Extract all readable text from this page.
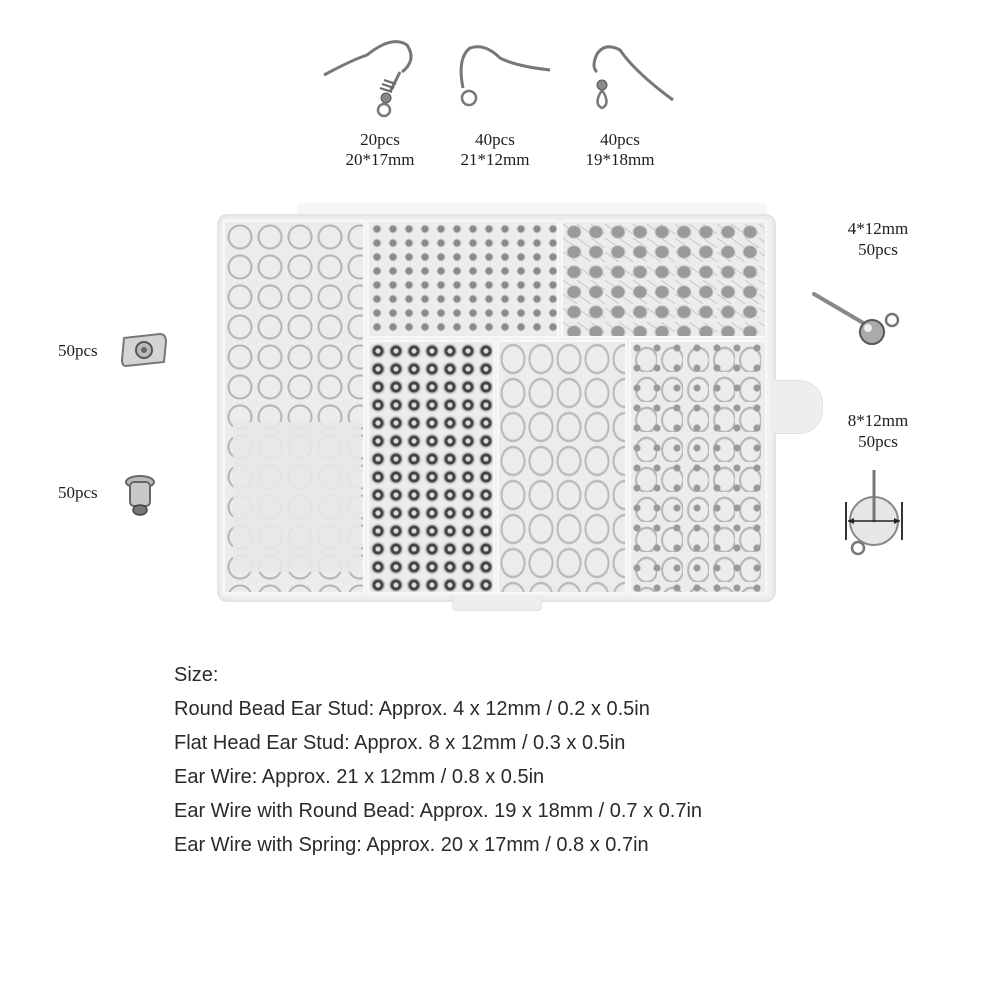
20pcs
20*17mm
40pcs
21*12mm
40pcs
19*18mm
50pcs
50pcs
4*12mm
50pcs
8*12mm
50pcs
Size:
Round Bead Ear Stud: Approx. 4 x 12mm / 0.2 x 0.5in
Flat Head Ear Stud: Approx. 8 x 12mm / 0.3 x 0.5in
Ear Wire: Approx. 21 x 12mm / 0.8 x 0.5in
Ear Wire with Round Bead: Approx. 19 x 18mm / 0.7 x 0.7in
Ear Wire with Spring: Approx. 20 x 17mm / 0.8 x 0.7in
